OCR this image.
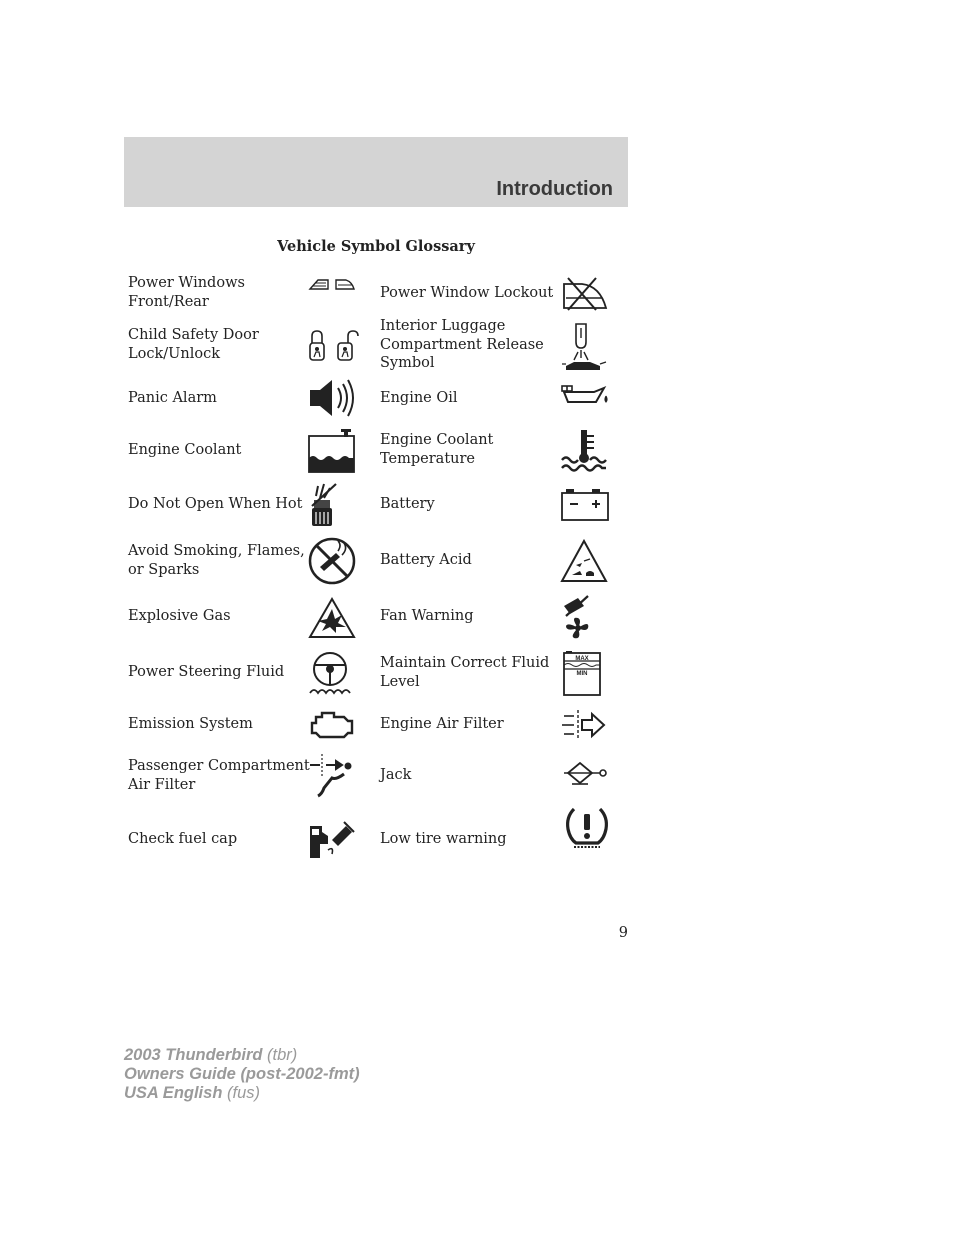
Introduction
Vehicle Symbol Glossary
Power Windows
Front/Rear
Child Safety Door
Lock/Unlock
Panic Alarm
Engine Coolant
Do Not Open When Hot
Avoid Smoking, Flames,
or Sparks
Explosive Gas
Power Steering Fluid
Emission System
Passenger Compartment
Air Filter
Check fuel cap
Power Window Lockout
Interior Luggage
Compartment Release
Symbol
Engine Oil
Engine Coolant
Temperature
Battery
Battery Acid
Fan Warning
Maintain Correct Fluid
Level
Engine Air Filter
Jack
Low tire warning
MAX
MIN
9
2003 Thunderbird (tbr)
Owners Guide (post-2002-fmt)
USA English (fus)
